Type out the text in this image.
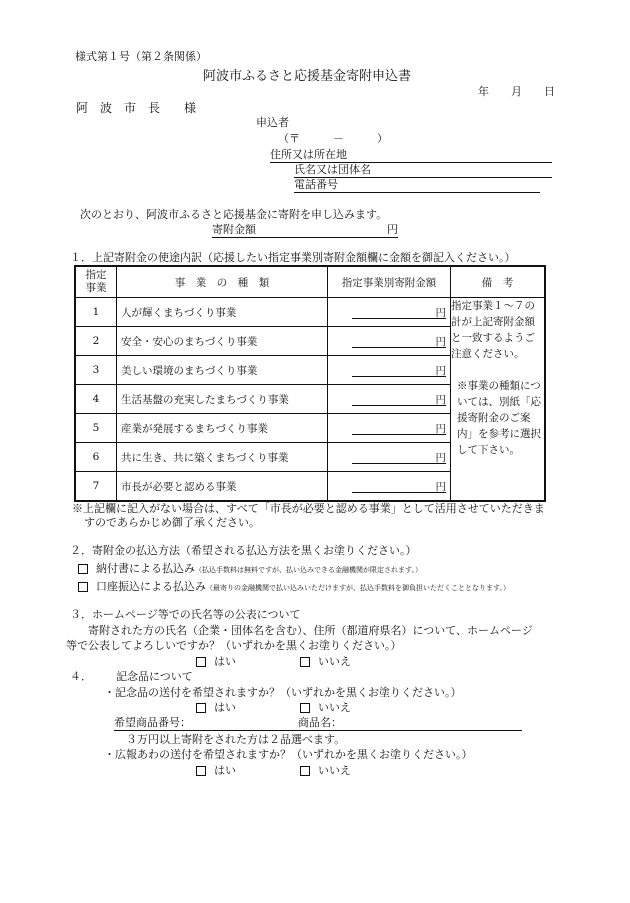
様式第１号（第２条関係）
阿波市ふるさと応援基金寄附申込書
年　　月　　日
阿　波　市　長　　様
申込者
（〒　　　－　　　）
住所又は所在地
氏名又は団体名
電話番号
次のとおり、阿波市ふるさと応援基金に寄附を申し込みます。
寄附金額	円
１．上記寄附金の使途内訳（応援したい指定事業別寄附金額欄に金額を御記入ください。）
指定
事業	事　業　の　種　類	指定事業別寄附金額	備　考
1	人が輝くまちづくり事業	円	指定事業１～７の計が上記寄附金額と一致するようご注意ください。
※事業の種類については、別紙「応援寄附金のご案内」を参考に選択して下さい。

2	安全・安心のまちづくり事業	円	
3	美しい環境のまちづくり事業	円	
4	生活基盤の充実したまちづくり事業	円	
5	産業が発展するまちづくり事業	円	
6	共に生き、共に築くまちづくり事業	円	
7	市長が必要と認める事業	円	
※上記欄に記入がない場合は、すべて「市長が必要と認める事業」として活用させていただきま
すのであらかじめ御了承ください。
２．寄附金の払込方法（希望される払込方法を黒くお塗りください。）
納付書による払込み（払込手数料は無料ですが、払い込みできる金融機関が限定されます。）
口座振込による払込み（最寄りの金融機関で払い込みいただけますが、払込手数料を御負担いただくこととなります。）
３．ホームページ等での氏名等の公表について
寄附された方の氏名（企業・団体名を含む）、住所（都道府県名）について、ホームページ
等で公表してよろしいですか？（いずれかを黒くお塗りください。）
はい	いいえ
４． 記念品について
・記念品の送付を希望されますか？（いずれかを黒くお塗りください。）
はい	いいえ
希望商品番号：	商品名：
３万円以上寄附をされた方は２品選べます。
・広報あわの送付を希望されますか？（いずれかを黒くお塗りください。）
はい	いいえ
